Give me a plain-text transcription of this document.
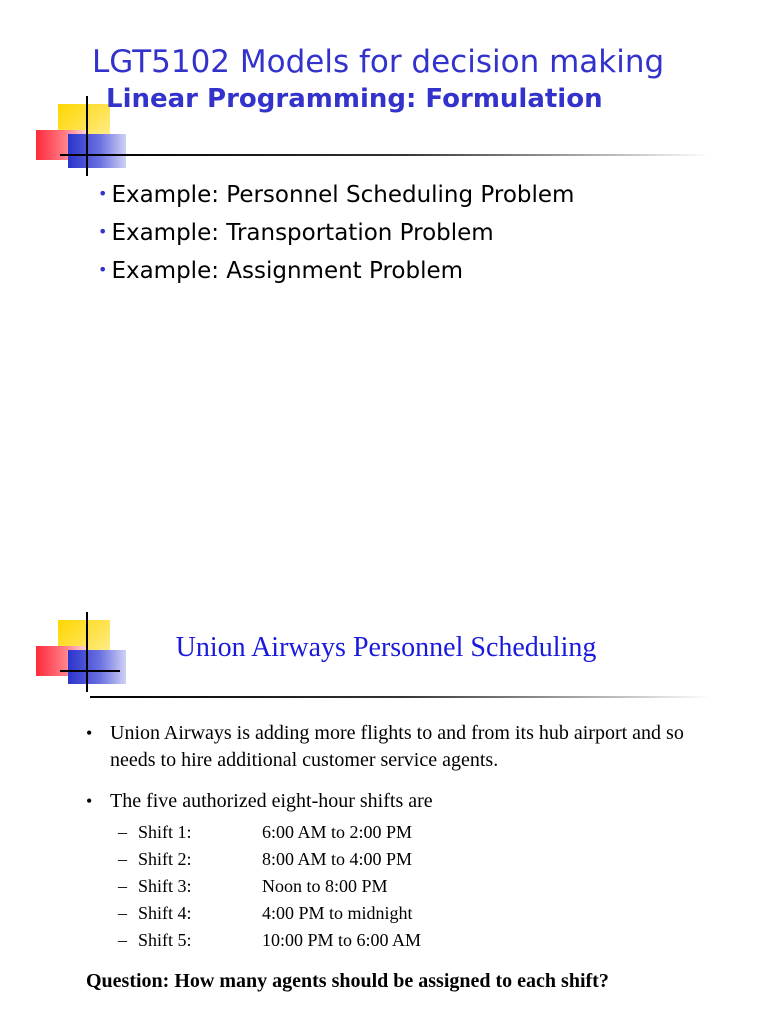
LGT5102 Models for decision making
Linear Programming: Formulation
• Example: Personnel Scheduling Problem
• Example: Transportation Problem
• Example: Assignment Problem
Union Airways Personnel Scheduling
• Union Airways is adding more flights to and from its hub airport and so needs to hire additional customer service agents.
• The five authorized eight-hour shifts are
– Shift 1:	6:00 AM to 2:00 PM
– Shift 2:	8:00 AM to 4:00 PM
– Shift 3:	Noon to 8:00 PM
– Shift 4:	4:00 PM to midnight
– Shift 5:	10:00 PM to 6:00 AM
Question: How many agents should be assigned to each shift?
